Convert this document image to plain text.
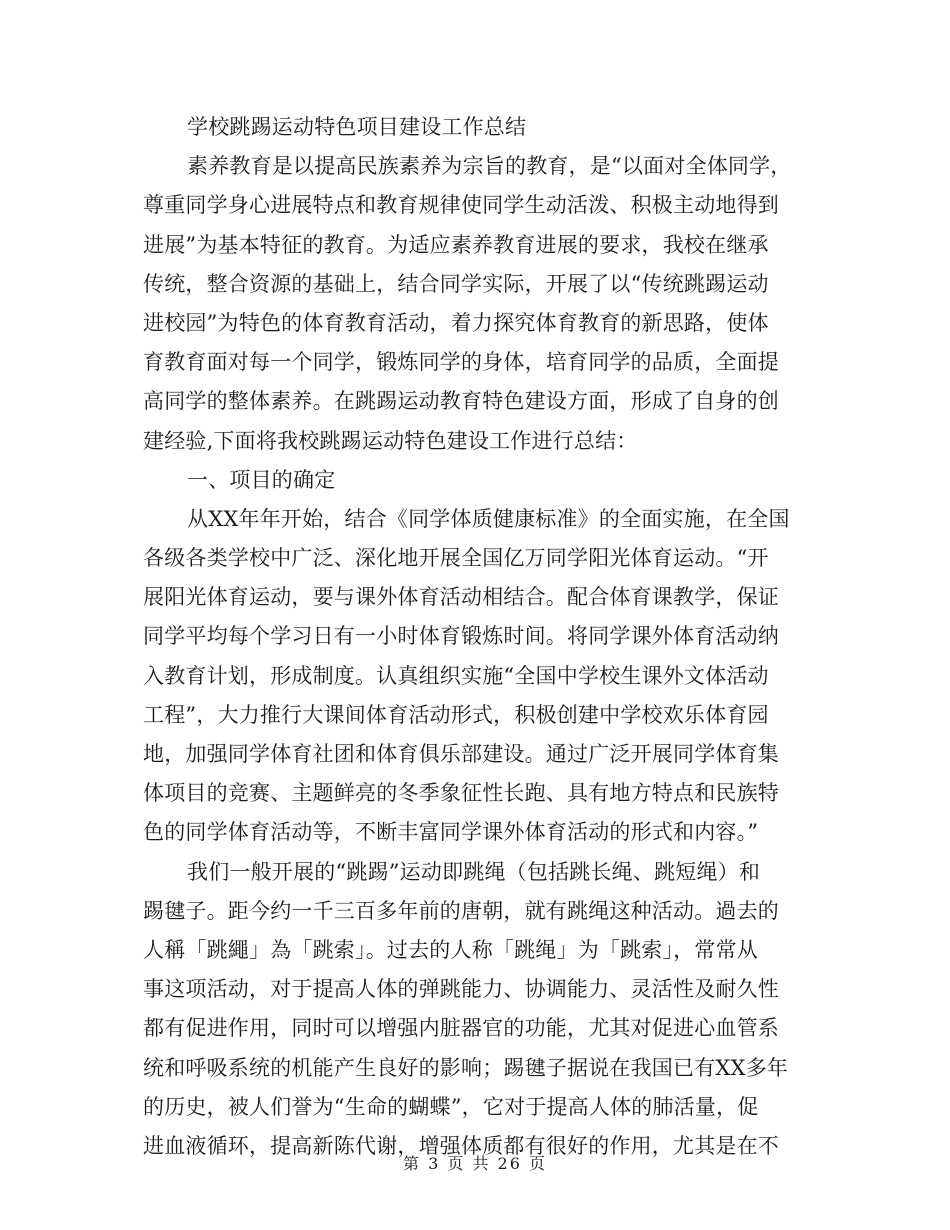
学校跳踢运动特色项目建设工作总结
素养教育是以提高民族素养为宗旨的教育，是“以面对全体同学，
尊重同学身心进展特点和教育规律使同学生动活泼、积极主动地得到
进展”为基本特征的教育。为适应素养教育进展的要求，我校在继承
传统，整合资源的基础上，结合同学实际，开展了以“传统跳踢运动
进校园”为特色的体育教育活动，着力探究体育教育的新思路，使体
育教育面对每一个同学，锻炼同学的身体，培育同学的品质，全面提
高同学的整体素养。在跳踢运动教育特色建设方面，形成了自身的创
建经验,下面将我校跳踢运动特色建设工作进行总结：
一、项目的确定
从XX年年开始，结合《同学体质健康标准》的全面实施，在全国
各级各类学校中广泛、深化地开展全国亿万同学阳光体育运动。“开
展阳光体育运动，要与课外体育活动相结合。配合体育课教学，保证
同学平均每个学习日有一小时体育锻炼时间。将同学课外体育活动纳
入教育计划，形成制度。认真组织实施“全国中学校生课外文体活动
工程”，大力推行大课间体育活动形式，积极创建中学校欢乐体育园
地，加强同学体育社团和体育俱乐部建设。通过广泛开展同学体育集
体项目的竞赛、主题鲜亮的冬季象征性长跑、具有地方特点和民族特
色的同学体育活动等，不断丰富同学课外体育活动的形式和内容。”
我们一般开展的“跳踢”运动即跳绳（包括跳长绳、跳短绳）和
踢毽子。距今约一千三百多年前的唐朝，就有跳绳这种活动。過去的
人稱「跳繩」為「跳索」。过去的人称「跳绳」为「跳索」，常常从
事这项活动，对于提高人体的弹跳能力、协调能力、灵活性及耐久性
都有促进作用，同时可以增强内脏器官的功能，尤其对促进心血管系
统和呼吸系统的机能产生良好的影响；踢毽子据说在我国已有XX多年
的历史，被人们誉为“生命的蝴蝶”，它对于提高人体的肺活量，促
进血液循环，提高新陈代谢，增强体质都有很好的作用，尤其是在不
第 3 页 共 26 页
